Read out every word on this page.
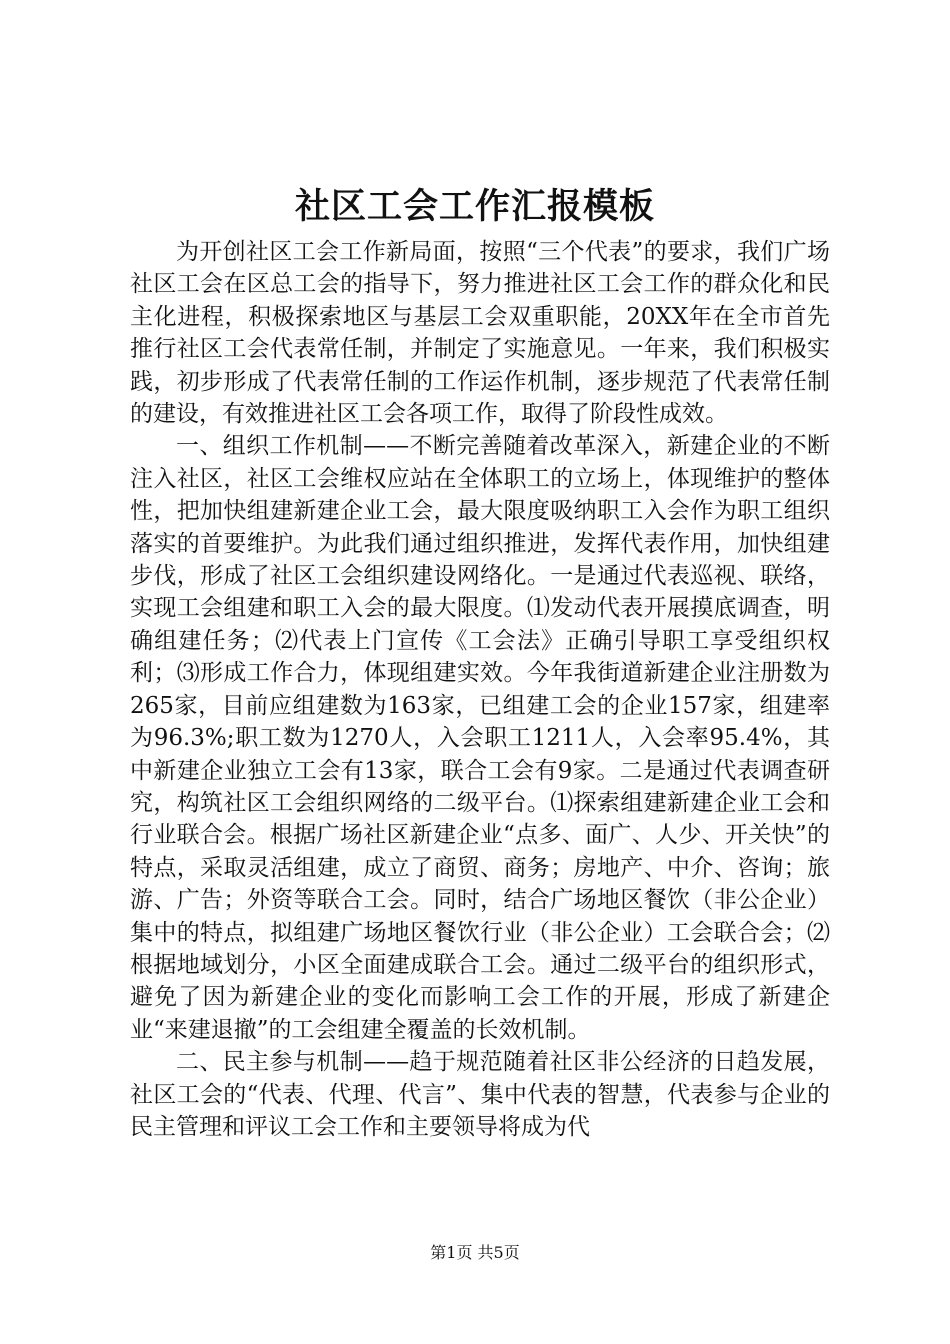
社区工会工作汇报模板

为开创社区工会工作新局面，按照“三个代表”的要求，我们广场社区工会在区总工会的指导下，努力推进社区工会工作的群众化和民主化进程，积极探索地区与基层工会双重职能，20XX年在全市首先推行社区工会代表常任制，并制定了实施意见。一年来，我们积极实践，初步形成了代表常任制的工作运作机制，逐步规范了代表常任制的建设，有效推进社区工会各项工作，取得了阶段性成效。

一、组织工作机制——不断完善随着改革深入，新建企业的不断注入社区，社区工会维权应站在全体职工的立场上，体现维护的整体性，把加快组建新建企业工会，最大限度吸纳职工入会作为职工组织落实的首要维护。为此我们通过组织推进，发挥代表作用，加快组建步伐，形成了社区工会组织建设网络化。一是通过代表巡视、联络，实现工会组建和职工入会的最大限度。⑴发动代表开展摸底调查，明确组建任务；⑵代表上门宣传《工会法》正确引导职工享受组织权利；⑶形成工作合力，体现组建实效。今年我街道新建企业注册数为265家，目前应组建数为163家，已组建工会的企业157家，组建率为96.3%;职工数为1270人，入会职工1211人，入会率95.4%，其中新建企业独立工会有13家，联合工会有9家。二是通过代表调查研究，构筑社区工会组织网络的二级平台。⑴探索组建新建企业工会和行业联合会。根据广场社区新建企业“点多、面广、人少、开关快”的特点，采取灵活组建，成立了商贸、商务；房地产、中介、咨询；旅游、广告；外资等联合工会。同时，结合广场地区餐饮（非公企业）集中的特点，拟组建广场地区餐饮行业（非公企业）工会联合会；⑵根据地域划分，小区全面建成联合工会。通过二级平台的组织形式，避免了因为新建企业的变化而影响工会工作的开展，形成了新建企业“来建退撤”的工会组建全覆盖的长效机制。

二、民主参与机制——趋于规范随着社区非公经济的日趋发展，社区工会的“代表、代理、代言”、集中代表的智慧，代表参与企业的民主管理和评议工会工作和主要领导将成为代

第1页 共5页
